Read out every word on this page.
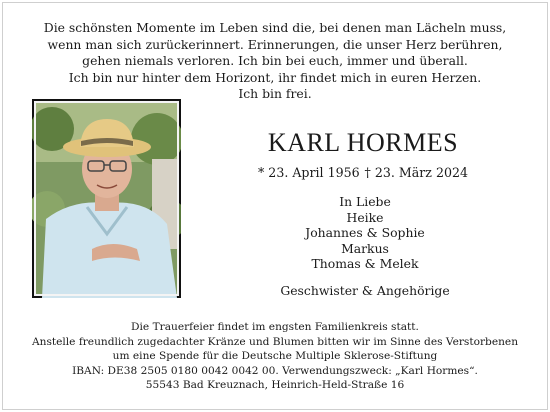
Die schönsten Momente im Leben sind die, bei denen man Lächeln muss,
wenn man sich zurückerinnert. Erinnerungen, die unser Herz berühren,
gehen niemals verloren. Ich bin bei euch, immer und überall.
Ich bin nur hinter dem Horizont, ihr findet mich in euren Herzen.
Ich bin frei.
KARL HORMES
* 23. April 1956 † 23. März 2024
In Liebe
Heike
Johannes & Sophie
Markus
Thomas & Melek
Geschwister & Angehörige
Die Trauerfeier findet im engsten Familienkreis statt.
Anstelle freundlich zugedachter Kränze und Blumen bitten wir im Sinne des Verstorbenen
um eine Spende für die Deutsche Multiple Sklerose-Stiftung
IBAN: DE38 2505 0180 0042 0042 00. Verwendungszweck: „Karl Hormes“.
55543 Bad Kreuznach, Heinrich-Held-Straße 16
